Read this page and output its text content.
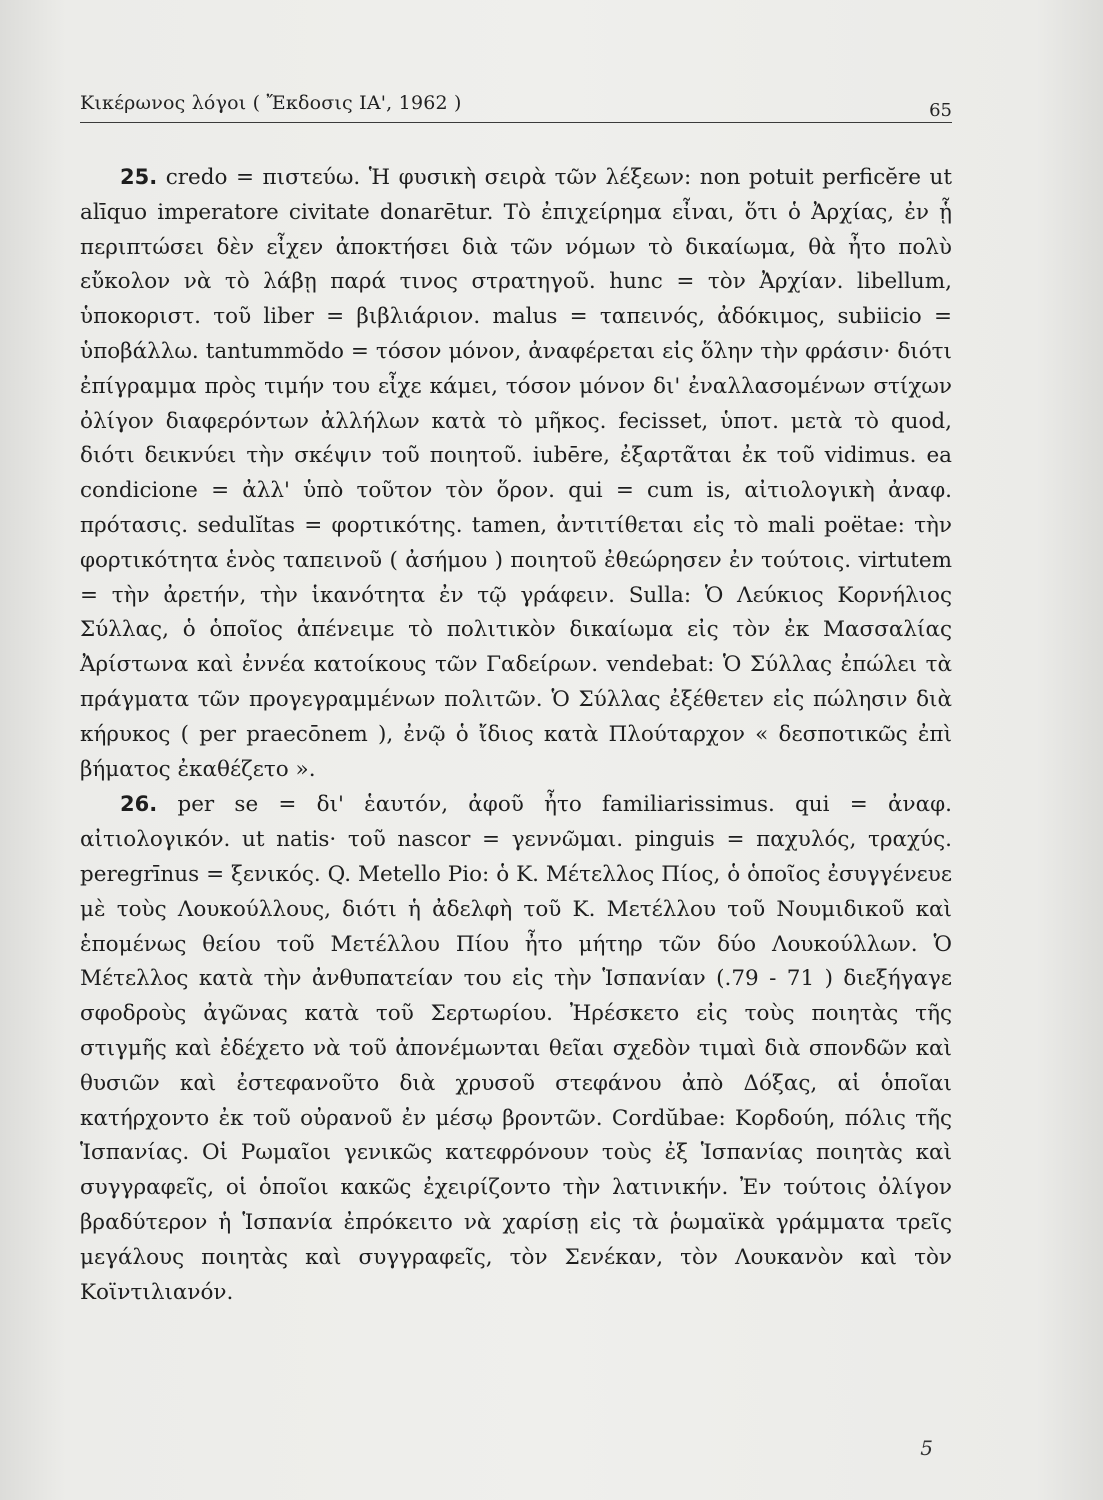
Κικέρωνος λόγοι ( Ἔκδοσις ΙΑ', 1962 )	65

25. credo = πιστεύω. Ἡ φυσικὴ σειρὰ τῶν λέξεων: non potuit perficĕre ut alīquo imperatore civitate donarētur. Τὸ ἐπιχείρημα εἶναι, ὅτι ὁ Ἀρχίας, ἐν ᾗ περιπτώσει δὲν εἶχεν ἀποκτήσει διὰ τῶν νόμων τὸ δικαίωμα, θὰ ἦτο πολὺ εὔκολον νὰ τὸ λάβῃ παρά τινος στρατηγοῦ. hunc = τὸν Ἀρχίαν. libellum, ὑποκοριστ. τοῦ liber = βιβλιάριον. malus = ταπεινός, ἀδόκιμος, subiicio = ὑποβάλλω. tantummŏdo = τόσον μόνον, ἀναφέρεται εἰς ὅλην τὴν φράσιν· διότι ἐπίγραμμα πρὸς τιμήν του εἶχε κάμει, τόσον μόνον δι' ἐναλλασομένων στίχων ὀλίγον διαφερόντων ἀλλήλων κατὰ τὸ μῆκος. fecisset, ὑποτ. μετὰ τὸ quod, διότι δεικνύει τὴν σκέψιν τοῦ ποιητοῦ. iubēre, ἐξαρτᾶται ἐκ τοῦ vidimus. ea condicione = ἀλλ' ὑπὸ τοῦτον τὸν ὅρον. qui = cum is, αἰτιολογικὴ ἀναφ. πρότασις. sedulĭtas = φορτικότης. tamen, ἀντιτίθεται εἰς τὸ mali poëtae: τὴν φορτικότητα ἑνὸς ταπεινοῦ ( ἀσήμου ) ποιητοῦ ἐθεώρησεν ἐν τούτοις. virtutem = τὴν ἀρετήν, τὴν ἱκανότητα ἐν τῷ γράφειν. Sulla: Ὁ Λεύκιος Κορνήλιος Σύλλας, ὁ ὁποῖος ἀπένειμε τὸ πολιτικὸν δικαίωμα εἰς τὸν ἐκ Μασσαλίας Ἀρίστωνα καὶ ἐννέα κατοίκους τῶν Γαδείρων. vendebat: Ὁ Σύλλας ἐπώλει τὰ πράγματα τῶν προγεγραμμένων πολιτῶν. Ὁ Σύλλας ἐξέθετεν εἰς πώλησιν διὰ κήρυκος ( per praecōnem ), ἐνῷ ὁ ἴδιος κατὰ Πλούταρχον « δεσποτικῶς ἐπὶ βήματος ἐκαθέζετο ».

26. per se = δι' ἑαυτόν, ἀφοῦ ἦτο familiarissimus. qui = ἀναφ. αἰτιολογικόν. ut natis· τοῦ nascor = γεννῶμαι. pinguis = παχυλός, τραχύς. peregrīnus = ξενικός. Q. Metello Pio: ὁ Κ. Μέτελλος Πίος, ὁ ὁποῖος ἐσυγγένευε μὲ τοὺς Λουκούλλους, διότι ἡ ἀδελφὴ τοῦ Κ. Μετέλλου τοῦ Νουμιδικοῦ καὶ ἑπομένως θείου τοῦ Μετέλλου Πίου ἦτο μήτηρ τῶν δύο Λουκούλλων. Ὁ Μέτελλος κατὰ τὴν ἀνθυπατείαν του εἰς τὴν Ἱσπανίαν (.79 - 71 ) διεξήγαγε σφοδροὺς ἀγῶνας κατὰ τοῦ Σερτωρίου. Ἠρέσκετο εἰς τοὺς ποιητὰς τῆς στιγμῆς καὶ ἐδέχετο νὰ τοῦ ἀπονέμωνται θεῖαι σχεδὸν τιμαὶ διὰ σπονδῶν καὶ θυσιῶν καὶ ἐστεφανοῦτο διὰ χρυσοῦ στεφάνου ἀπὸ Δόξας, αἱ ὁποῖαι κατήρχοντο ἐκ τοῦ οὐρανοῦ ἐν μέσῳ βροντῶν. Cordŭbae: Κορδούη, πόλις τῆς Ἱσπανίας. Οἱ Ρωμαῖοι γενικῶς κατεφρόνουν τοὺς ἐξ Ἱσπανίας ποιητὰς καὶ συγγραφεῖς, οἱ ὁποῖοι κακῶς ἐχειρίζοντο τὴν λατινικήν. Ἐν τούτοις ὀλίγον βραδύτερον ἡ Ἱσπανία ἐπρόκειτο νὰ χαρίσῃ εἰς τὰ ῥωμαϊκὰ γράμματα τρεῖς μεγάλους ποιητὰς καὶ συγγραφεῖς, τὸν Σενέκαν, τὸν Λουκανὸν καὶ τὸν Κοϊντιλιανόν.

5
